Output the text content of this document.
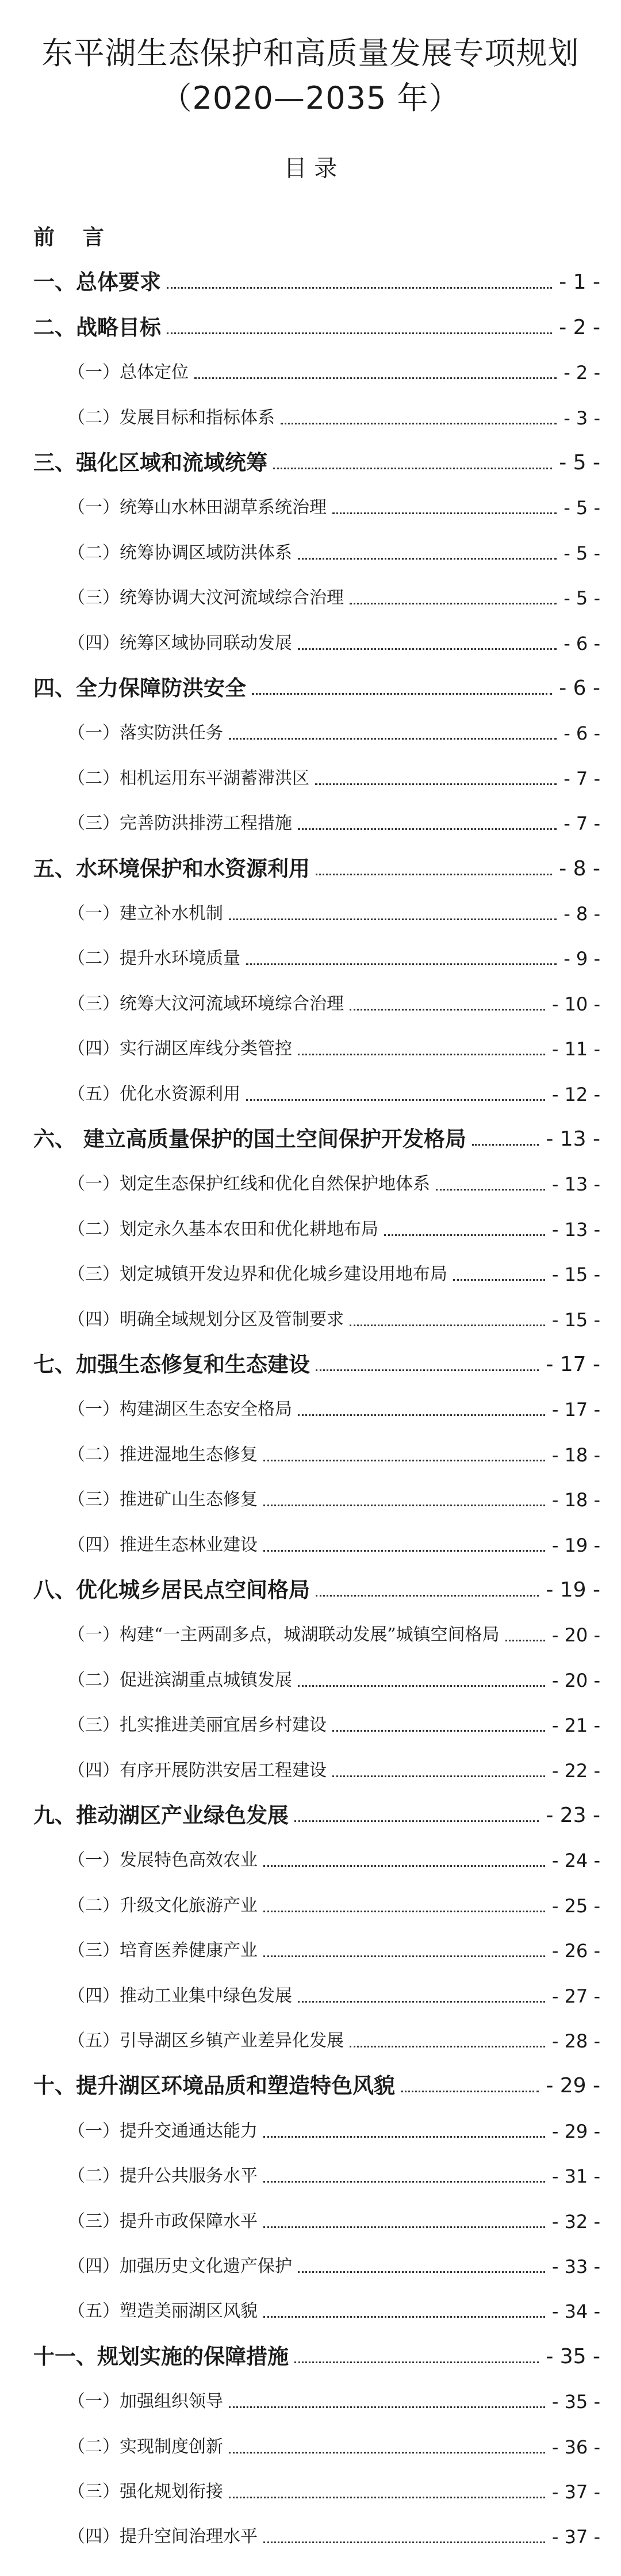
东平湖生态保护和高质量发展专项规划
（2020—2035 年）
目 录
前 言
一、总体要求	- 1 -
二、战略目标	- 2 -
（一）总体定位	- 2 -
（二）发展目标和指标体系	- 3 -
三、强化区域和流域统筹	- 5 -
（一）统筹山水林田湖草系统治理	- 5 -
（二）统筹协调区域防洪体系	- 5 -
（三）统筹协调大汶河流域综合治理	- 5 -
（四）统筹区域协同联动发展	- 6 -
四、全力保障防洪安全	- 6 -
（一）落实防洪任务	- 6 -
（二）相机运用东平湖蓄滞洪区	- 7 -
（三）完善防洪排涝工程措施	- 7 -
五、水环境保护和水资源利用	- 8 -
（一）建立补水机制	- 8 -
（二）提升水环境质量	- 9 -
（三）统筹大汶河流域环境综合治理	- 10 -
（四）实行湖区库线分类管控	- 11 -
（五）优化水资源利用	- 12 -
六、 建立高质量保护的国土空间保护开发格局	- 13 -
（一）划定生态保护红线和优化自然保护地体系	- 13 -
（二）划定永久基本农田和优化耕地布局	- 13 -
（三）划定城镇开发边界和优化城乡建设用地布局	- 15 -
（四）明确全域规划分区及管制要求	- 15 -
七、加强生态修复和生态建设	- 17 -
（一）构建湖区生态安全格局	- 17 -
（二）推进湿地生态修复	- 18 -
（三）推进矿山生态修复	- 18 -
（四）推进生态林业建设	- 19 -
八、优化城乡居民点空间格局	- 19 -
（一）构建“一主两副多点，城湖联动发展”城镇空间格局	- 20 -
（二）促进滨湖重点城镇发展	- 20 -
（三）扎实推进美丽宜居乡村建设	- 21 -
（四）有序开展防洪安居工程建设	- 22 -
九、推动湖区产业绿色发展	- 23 -
（一）发展特色高效农业	- 24 -
（二）升级文化旅游产业	- 25 -
（三）培育医养健康产业	- 26 -
（四）推动工业集中绿色发展	- 27 -
（五）引导湖区乡镇产业差异化发展	- 28 -
十、提升湖区环境品质和塑造特色风貌	- 29 -
（一）提升交通通达能力	- 29 -
（二）提升公共服务水平	- 31 -
（三）提升市政保障水平	- 32 -
（四）加强历史文化遗产保护	- 33 -
（五）塑造美丽湖区风貌	- 34 -
十一、规划实施的保障措施	- 35 -
（一）加强组织领导	- 35 -
（二）实现制度创新	- 36 -
（三）强化规划衔接	- 37 -
（四）提升空间治理水平	- 37 -
